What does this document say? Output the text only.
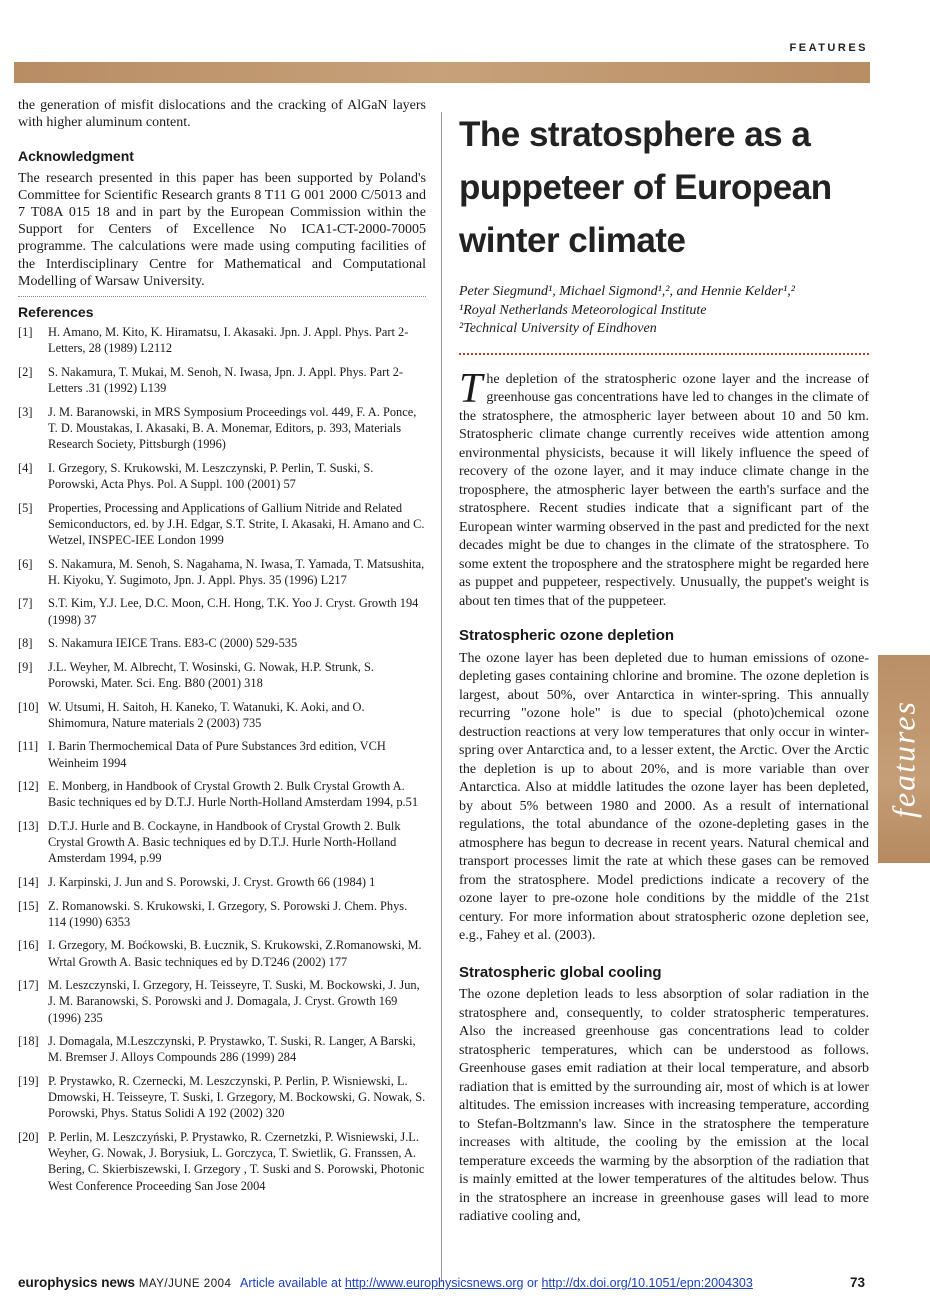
FEATURES

the generation of misfit dislocations and the cracking of AlGaN layers with higher aluminum content.

Acknowledgment

The research presented in this paper has been supported by Poland's Committee for Scientific Research grants 8 T11 G 001 2000 C/5013 and 7 T08A 015 18 and in part by the European Commission within the Support for Centers of Excellence No ICA1-CT-2000-70005 programme. The calculations were made using computing facilities of the Interdisciplinary Centre for Mathematical and Computational Modelling of Warsaw University.

References
[1]	H. Amano, M. Kito, K. Hiramatsu, I. Akasaki. Jpn. J. Appl. Phys. Part 2-Letters, 28 (1989) L2112
[2]	S. Nakamura, T. Mukai, M. Senoh, N. Iwasa, Jpn. J. Appl. Phys. Part 2-Letters .31 (1992) L139
[3]	J. M. Baranowski, in MRS Symposium Proceedings vol. 449, F. A. Ponce, T. D. Moustakas, I. Akasaki, B. A. Monemar, Editors, p. 393, Materials Research Society, Pittsburgh (1996)
[4]	I. Grzegory, S. Krukowski, M. Leszczynski, P. Perlin, T. Suski, S. Porowski, Acta Phys. Pol. A Suppl. 100 (2001) 57
[5]	Properties, Processing and Applications of Gallium Nitride and Related Semiconductors, ed. by J.H. Edgar, S.T. Strite, I. Akasaki, H. Amano and C. Wetzel, INSPEC-IEE London 1999
[6]	S. Nakamura, M. Senoh, S. Nagahama, N. Iwasa, T. Yamada, T. Matsushita, H. Kiyoku, Y. Sugimoto, Jpn. J. Appl. Phys. 35 (1996) L217
[7]	S.T. Kim, Y.J. Lee, D.C. Moon, C.H. Hong, T.K. Yoo J. Cryst. Growth 194 (1998) 37
[8]	S. Nakamura IEICE Trans. E83-C (2000) 529-535
[9]	J.L. Weyher, M. Albrecht, T. Wosinski, G. Nowak, H.P. Strunk, S. Porowski, Mater. Sci. Eng. B80 (2001) 318
[10] W. Utsumi, H. Saitoh, H. Kaneko, T. Watanuki, K. Aoki, and O. Shimomura, Nature materials 2 (2003) 735
[11] I. Barin Thermochemical Data of Pure Substances 3rd edition, VCH Weinheim 1994
[12] E. Monberg, in Handbook of Crystal Growth 2. Bulk Crystal Growth A. Basic techniques ed by D.T.J. Hurle North-Holland Amsterdam 1994, p.51
[13] D.T.J. Hurle and B. Cockayne, in Handbook of Crystal Growth 2. Bulk Crystal Growth A. Basic techniques ed by D.T.J. Hurle North-Holland Amsterdam 1994, p.99
[14] J. Karpinski, J. Jun and S. Porowski, J. Cryst. Growth 66 (1984) 1
[15] Z. Romanowski. S. Krukowski, I. Grzegory, S. Porowski J. Chem. Phys. 114 (1990) 6353
[16] I. Grzegory, M. Boćkowski, B. Łucznik, S. Krukowski, Z.Romanowski, M. Wrtal Growth A. Basic techniques ed by D.T246 (2002) 177
[17] M. Leszczynski, I. Grzegory, H. Teisseyre, T. Suski, M. Bockowski, J. Jun, J. M. Baranowski, S. Porowski and J. Domagala, J. Cryst. Growth 169 (1996) 235
[18] J. Domagala, M.Leszczynski, P. Prystawko, T. Suski, R. Langer, A Barski, M. Bremser J. Alloys Compounds 286 (1999) 284
[19] P. Prystawko, R. Czernecki, M. Leszczynski, P. Perlin, P. Wisniewski, L. Dmowski, H. Teisseyre, T. Suski, I. Grzegory, M. Bockowski, G. Nowak, S. Porowski, Phys. Status Solidi A 192 (2002) 320
[20] P. Perlin, M. Leszczyński, P. Prystawko, R. Czernetzki, P. Wisniewski, J.L. Weyher, G. Nowak, J. Borysiuk, L. Gorczyca, T. Swietlik, G. Franssen, A. Bering, C. Skierbiszewski, I. Grzegory , T. Suski and S. Porowski, Photonic West Conference Proceeding San Jose 2004
The stratosphere as a puppeteer of European winter climate

Peter Siegmund¹, Michael Sigmond¹,², and Hennie Kelder¹,²
¹Royal Netherlands Meteorological Institute
²Technical University of Eindhoven

The depletion of the stratospheric ozone layer and the increase of greenhouse gas concentrations have led to changes in the climate of the stratosphere, the atmospheric layer between about 10 and 50 km. Stratospheric climate change currently receives wide attention among environmental physicists, because it will likely influence the speed of recovery of the ozone layer, and it may induce climate change in the troposphere, the atmospheric layer between the earth's surface and the stratosphere. Recent studies indicate that a significant part of the European winter warming observed in the past and predicted for the next decades might be due to changes in the climate of the stratosphere. To some extent the troposphere and the stratosphere might be regarded here as puppet and puppeteer, respectively. Unusually, the puppet's weight is about ten times that of the puppeteer.

Stratospheric ozone depletion

The ozone layer has been depleted due to human emissions of ozone-depleting gases containing chlorine and bromine. The ozone depletion is largest, about 50%, over Antarctica in winter-spring. This annually recurring "ozone hole" is due to special (photo)chemical ozone destruction reactions at very low temperatures that only occur in winter-spring over Antarctica and, to a lesser extent, the Arctic. Over the Arctic the depletion is up to about 20%, and is more variable than over Antarctica. Also at middle latitudes the ozone layer has been depleted, by about 5% between 1980 and 2000. As a result of international regulations, the total abundance of the ozone-depleting gases in the atmosphere has begun to decrease in recent years. Natural chemical and transport processes limit the rate at which these gases can be removed from the stratosphere. Model predictions indicate a recovery of the ozone layer to pre-ozone hole conditions by the middle of the 21st century. For more information about stratospheric ozone depletion see, e.g., Fahey et al. (2003).

Stratospheric global cooling

The ozone depletion leads to less absorption of solar radiation in the stratosphere and, consequently, to colder stratospheric temperatures. Also the increased greenhouse gas concentrations lead to colder stratospheric temperatures, which can be understood as follows. Greenhouse gases emit radiation at their local temperature, and absorb radiation that is emitted by the surrounding air, most of which is at lower altitudes. The emission increases with increasing temperature, according to Stefan-Boltzmann's law. Since in the stratosphere the temperature increases with altitude, the cooling by the emission at the local temperature exceeds the warming by the absorption of the radiation that is mainly emitted at the lower temperatures of the altitudes below. Thus in the stratosphere an increase in greenhouse gases will lead to more radiative cooling and,

features
europhysics news MAY/JUNE 2004 Article available at http://www.europhysicsnews.org or http://dx.doi.org/10.1051/epn:2004303	73
